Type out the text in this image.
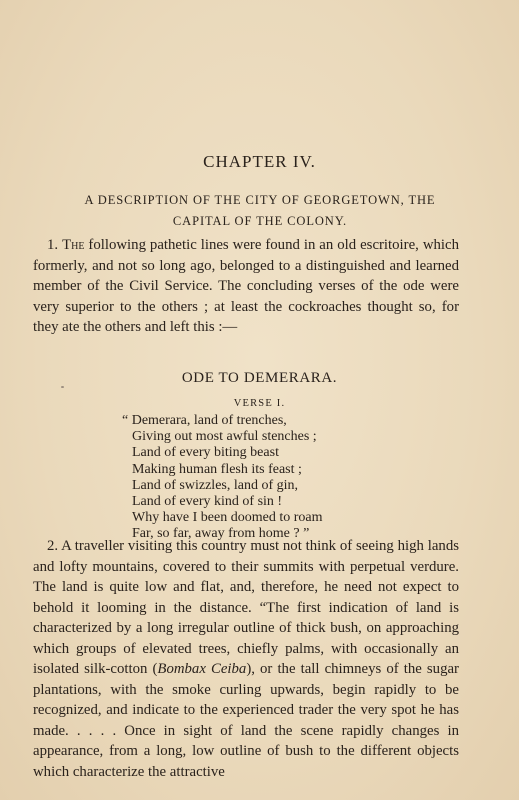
CHAPTER IV.
A DESCRIPTION OF THE CITY OF GEORGETOWN, THE
CAPITAL OF THE COLONY.

1. The following pathetic lines were found in an old escritoire, which formerly, and not so long ago, belonged to a distinguished and learned member of the Civil Service. The concluding verses of the ode were very superior to the others ; at least the cockroaches thought so, for they ate the others and left this :—

ODE TO DEMERARA.
VERSE I.
“ Demerara, land of trenches,
Giving out most awful stenches ;
Land of every biting beast
Making human flesh its feast ;
Land of swizzles, land of gin,
Land of every kind of sin !
Why have I been doomed to roam
Far, so far, away from home ? ”

2. A traveller visiting this country must not think of seeing high lands and lofty mountains, covered to their summits with perpetual verdure. The land is quite low and flat, and, therefore, he need not expect to behold it looming in the distance. “The first indication of land is characterized by a long irregular outline of thick bush, on approaching which groups of elevated trees, chiefly palms, with occasionally an isolated silk-cotton (Bombax Ceiba), or the tall chimneys of the sugar plantations, with the smoke curling upwards, begin rapidly to be recognized, and indicate to the experienced trader the very spot he has made. . . . . Once in sight of land the scene rapidly changes in appearance, from a long, low outline of bush to the different objects which characterize the attractive
